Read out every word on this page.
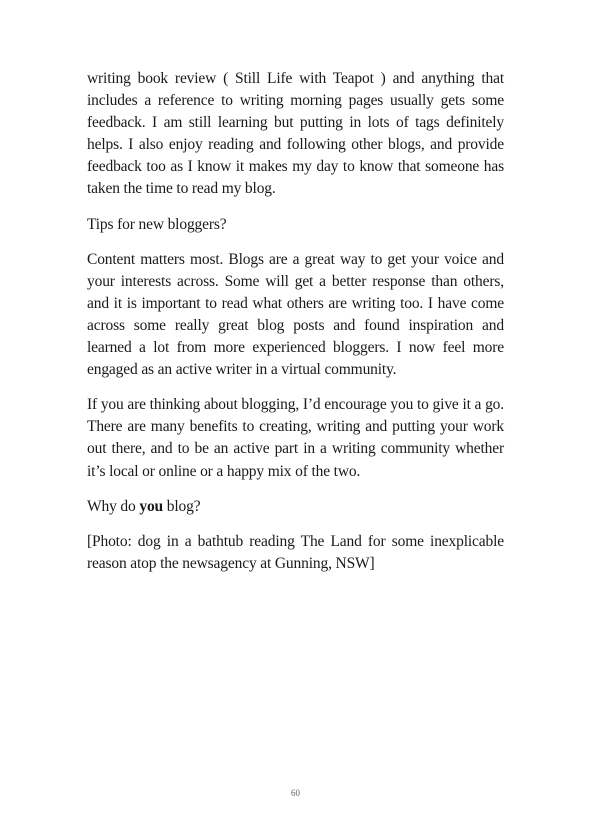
writing book review ( Still Life with Teapot ) and anything that includes a reference to writing morning pages usually gets some feedback. I am still learning but putting in lots of tags definitely helps. I also enjoy reading and following other blogs, and provide feedback too as I know it makes my day to know that someone has taken the time to read my blog.

Tips for new bloggers?

Content matters most. Blogs are a great way to get your voice and your interests across. Some will get a better response than others, and it is important to read what others are writing too. I have come across some really great blog posts and found inspiration and learned a lot from more experienced bloggers. I now feel more engaged as an active writer in a virtual community.

If you are thinking about blogging, I’d encourage you to give it a go. There are many benefits to creating, writing and putting your work out there, and to be an active part in a writing community whether it’s local or online or a happy mix of the two.

Why do you blog?

[Photo: dog in a bathtub reading The Land for some inexplicable reason atop the newsagency at Gunning, NSW]

60
